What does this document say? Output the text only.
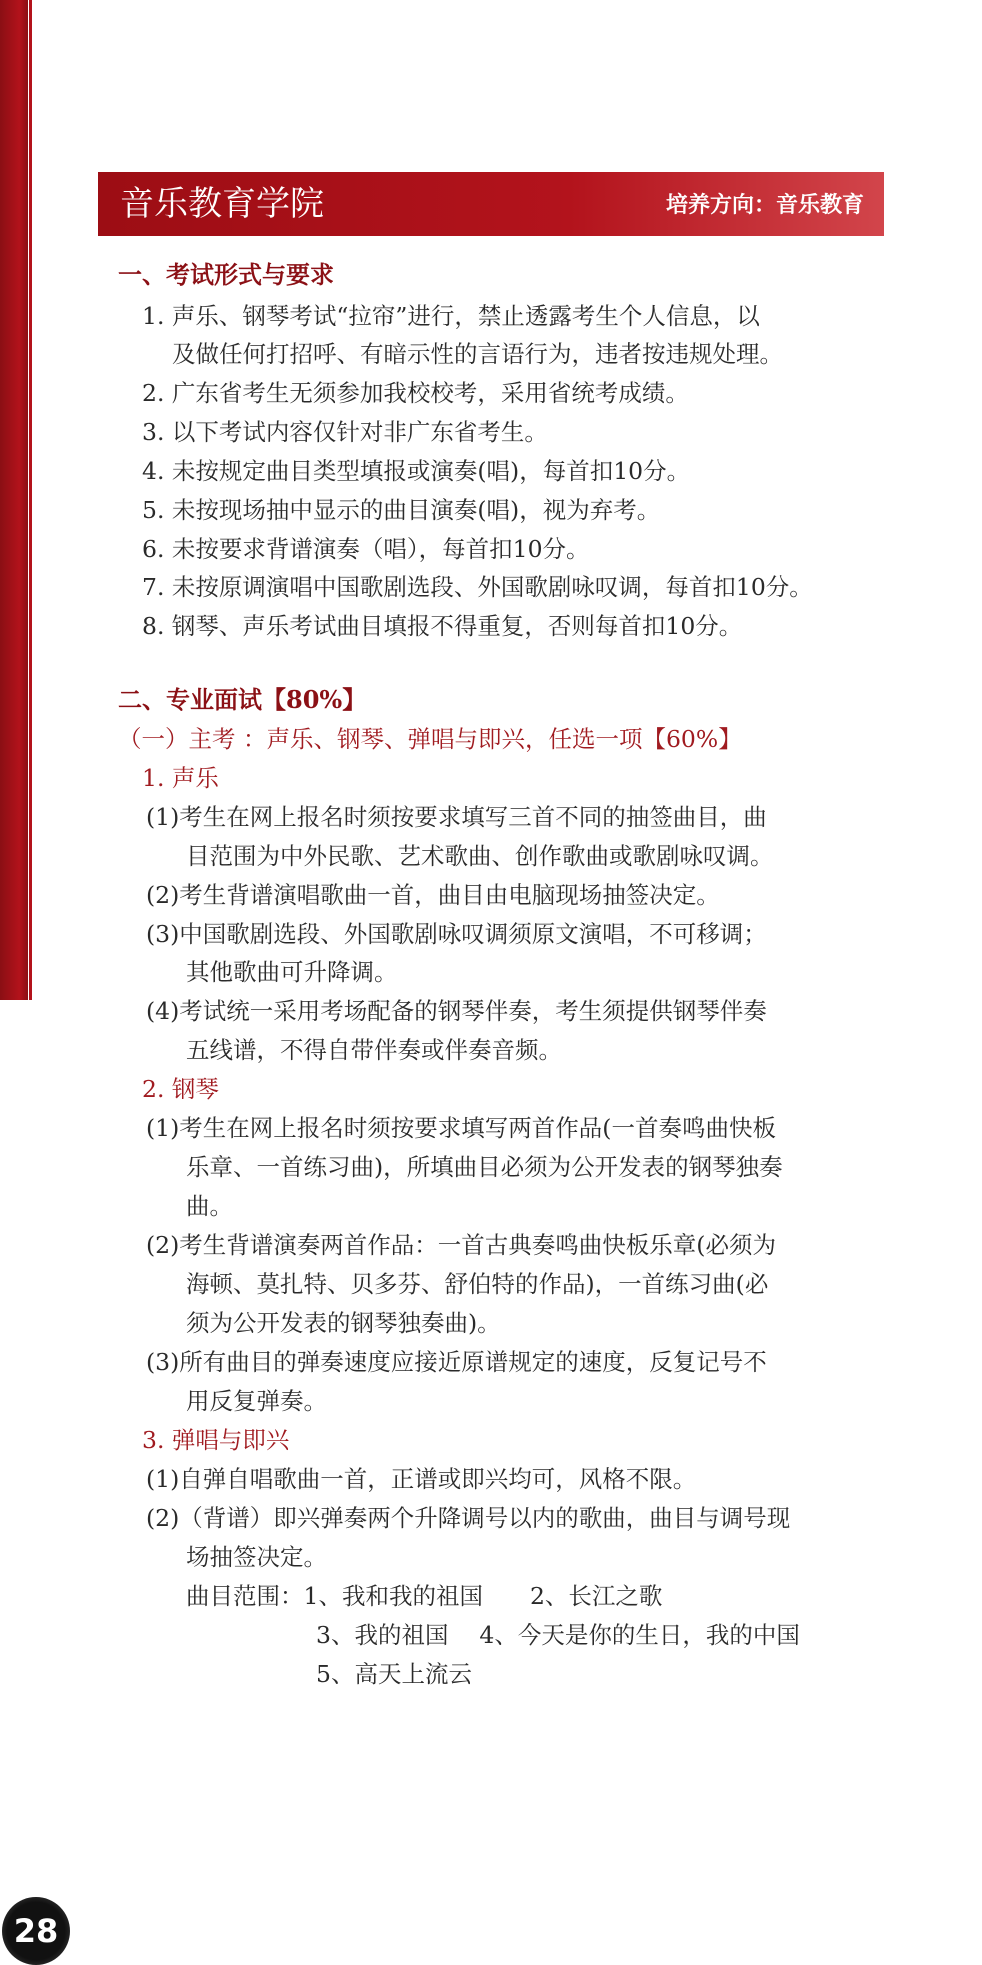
音乐教育学院	培养方向：音乐教育
一、考试形式与要求
1. 声乐、钢琴考试“拉帘”进行，禁止透露考生个人信息，以
及做任何打招呼、有暗示性的言语行为，违者按违规处理。
2. 广东省考生无须参加我校校考，采用省统考成绩。
3. 以下考试内容仅针对非广东省考生。
4. 未按规定曲目类型填报或演奏(唱)，每首扣10分。
5. 未按现场抽中显示的曲目演奏(唱)，视为弃考。
6. 未按要求背谱演奏（唱），每首扣10分。
7. 未按原调演唱中国歌剧选段、外国歌剧咏叹调，每首扣10分。
8. 钢琴、声乐考试曲目填报不得重复，否则每首扣10分。
二、专业面试【80%】
（一）主考 ：声乐、钢琴、弹唱与即兴，任选一项【60%】
1. 声乐
(1)考生在网上报名时须按要求填写三首不同的抽签曲目，曲
目范围为中外民歌、艺术歌曲、创作歌曲或歌剧咏叹调。
(2)考生背谱演唱歌曲一首，曲目由电脑现场抽签决定。
(3)中国歌剧选段、外国歌剧咏叹调须原文演唱，不可移调；
其他歌曲可升降调。
(4)考试统一采用考场配备的钢琴伴奏，考生须提供钢琴伴奏
五线谱，不得自带伴奏或伴奏音频。
2. 钢琴
(1)考生在网上报名时须按要求填写两首作品(一首奏鸣曲快板
乐章、一首练习曲)，所填曲目必须为公开发表的钢琴独奏
曲。
(2)考生背谱演奏两首作品：一首古典奏鸣曲快板乐章(必须为
海顿、莫扎特、贝多芬、舒伯特的作品)，一首练习曲(必
须为公开发表的钢琴独奏曲)。
(3)所有曲目的弹奏速度应接近原谱规定的速度，反复记号不
用反复弹奏。
3. 弹唱与即兴
(1)自弹自唱歌曲一首，正谱或即兴均可，风格不限。
(2)（背谱）即兴弹奏两个升降调号以内的歌曲，曲目与调号现
场抽签决定。
曲目范围：1、我和我的祖国　　2、长江之歌
3、我的祖国　 4、今天是你的生日，我的中国
5、高天上流云
28
